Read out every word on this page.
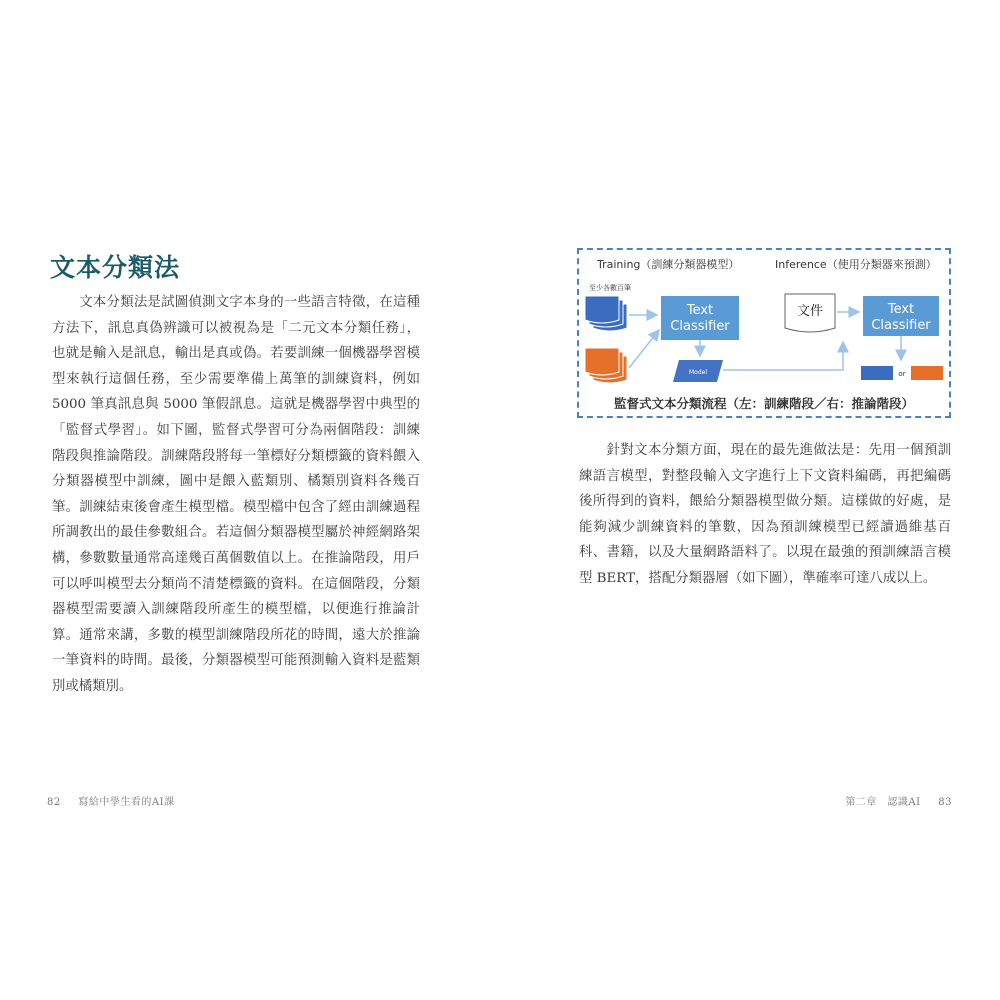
文本分類法

　　文本分類法是試圖偵測文字本身的一些語言特徵，在這種方法下，訊息真偽辨識可以被視為是「二元文本分類任務」，也就是輸入是訊息，輸出是真或偽。若要訓練一個機器學習模型來執行這個任務，至少需要準備上萬筆的訓練資料，例如 5000 筆真訊息與 5000 筆假訊息。這就是機器學習中典型的「監督式學習」。如下圖，監督式學習可分為兩個階段：訓練階段與推論階段。訓練階段將每一筆標好分類標籤的資料餵入分類器模型中訓練，圖中是餵入藍類別、橘類別資料各幾百筆。訓練結束後會產生模型檔。模型檔中包含了經由訓練過程所調教出的最佳參數組合。若這個分類器模型屬於神經網路架構，參數數量通常高達幾百萬個數值以上。在推論階段，用戶可以呼叫模型去分類尚不清楚標籤的資料。在這個階段，分類器模型需要讀入訓練階段所產生的模型檔，以便進行推論計算。通常來講，多數的模型訓練階段所花的時間，遠大於推論一筆資料的時間。最後，分類器模型可能預測輸入資料是藍類別或橘類別。

82 寫給中學生看的AI課
Text
Classifier
Model
文件	Text
Classifier
or
Training（訓練分類器模型）	Inference（使用分類器來預測）
至少各數百筆
監督式文本分類流程（左：訓練階段／右：推論階段）

　　針對文本分類方面，現在的最先進做法是：先用一個預訓練語言模型，對整段輸入文字進行上下文資料編碼，再把編碼後所得到的資料，餵給分類器模型做分類。這樣做的好處，是能夠減少訓練資料的筆數，因為預訓練模型已經讀過維基百科、書籍，以及大量網路語料了。以現在最強的預訓練語言模型 BERT，搭配分類器層（如下圖），準確率可達八成以上。

第二章　認識AI 83
